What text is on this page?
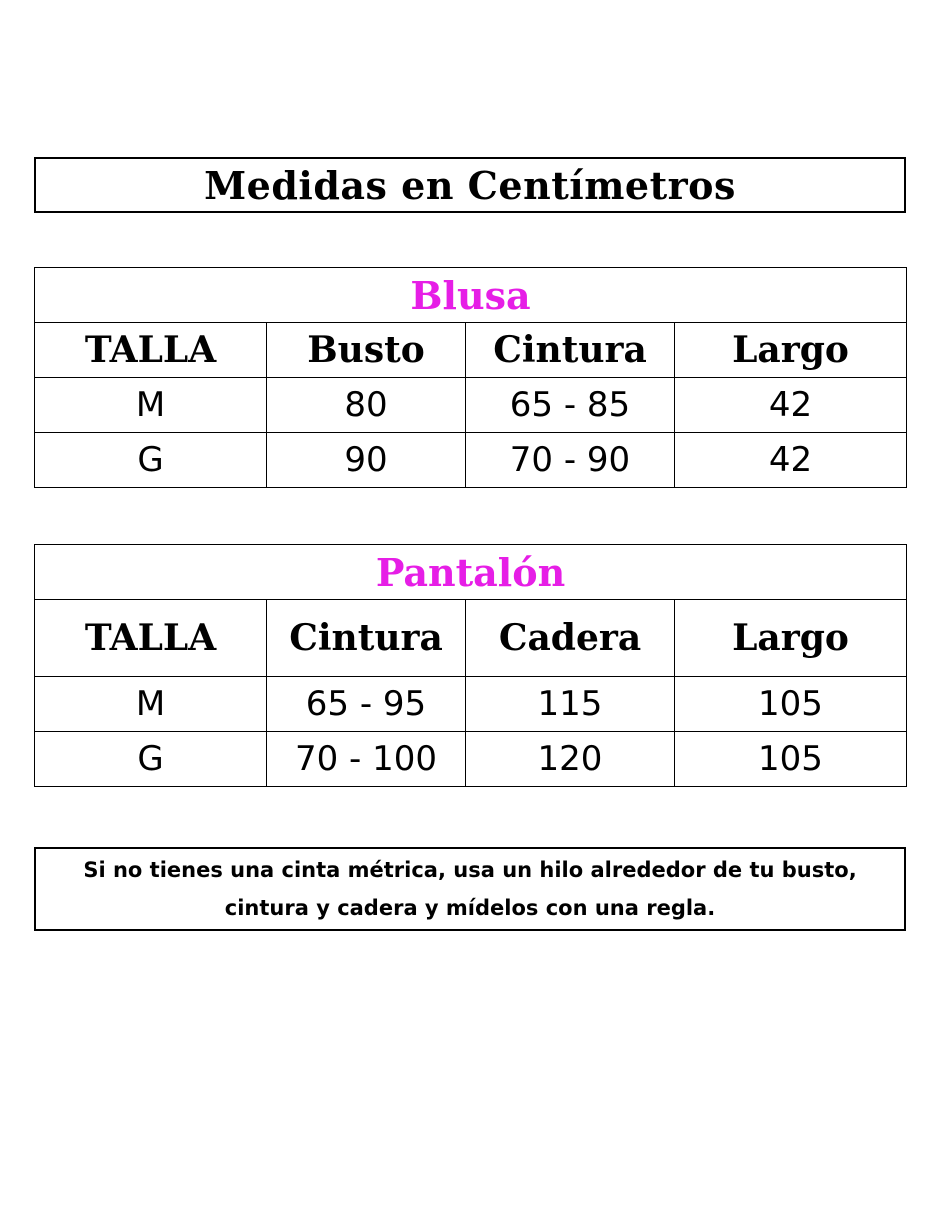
Medidas en Centímetros
Blusa			
TALLA	Busto	Cintura	Largo
M	80	65 - 85	42
G	90	70 - 90	42
Pantalón			
TALLA	Cintura	Cadera	Largo
M	65 - 95	115	105
G	70 - 100	120	105
Si no tienes una cinta métrica, usa un hilo alrededor de tu busto,
cintura y cadera y mídelos con una regla.
